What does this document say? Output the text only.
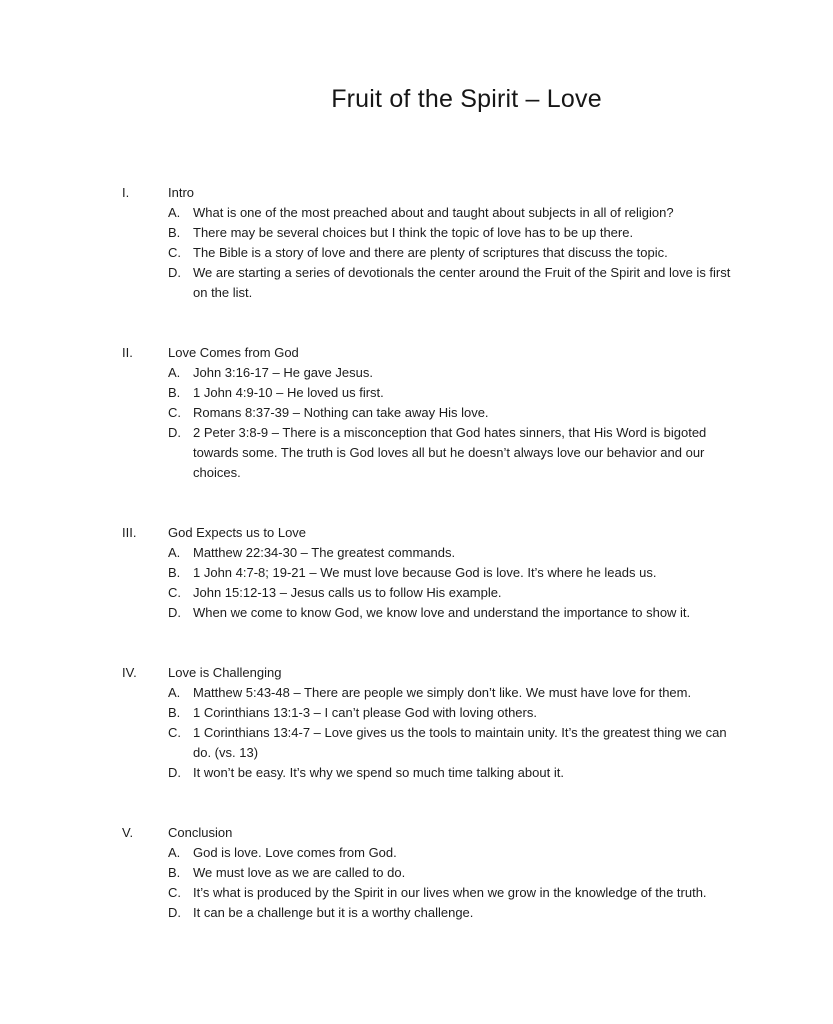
Fruit of the Spirit – Love
I.	Intro
A. What is one of the most preached about and taught about subjects in all of religion?
B. There may be several choices but I think the topic of love has to be up there.
C. The Bible is a story of love and there are plenty of scriptures that discuss the topic.
D. We are starting a series of devotionals the center around the Fruit of the Spirit and love is first on the list.
II.	Love Comes from God
A. John 3:16-17 – He gave Jesus.
B. 1 John 4:9-10 – He loved us first.
C. Romans 8:37-39 – Nothing can take away His love.
D. 2 Peter 3:8-9 – There is a misconception that God hates sinners, that His Word is bigoted towards some. The truth is God loves all but he doesn’t always love our behavior and our choices.
III.	God Expects us to Love
A. Matthew 22:34-30 – The greatest commands.
B. 1 John 4:7-8; 19-21 – We must love because God is love. It’s where he leads us.
C. John 15:12-13 – Jesus calls us to follow His example.
D. When we come to know God, we know love and understand the importance to show it.
IV.	Love is Challenging
A. Matthew 5:43-48 – There are people we simply don’t like. We must have love for them.
B. 1 Corinthians 13:1-3 – I can’t please God with loving others.
C. 1 Corinthians 13:4-7 – Love gives us the tools to maintain unity. It’s the greatest thing we can do. (vs. 13)
D. It won’t be easy. It’s why we spend so much time talking about it.
V.	Conclusion
A. God is love. Love comes from God.
B. We must love as we are called to do.
C. It’s what is produced by the Spirit in our lives when we grow in the knowledge of the truth.
D. It can be a challenge but it is a worthy challenge.
